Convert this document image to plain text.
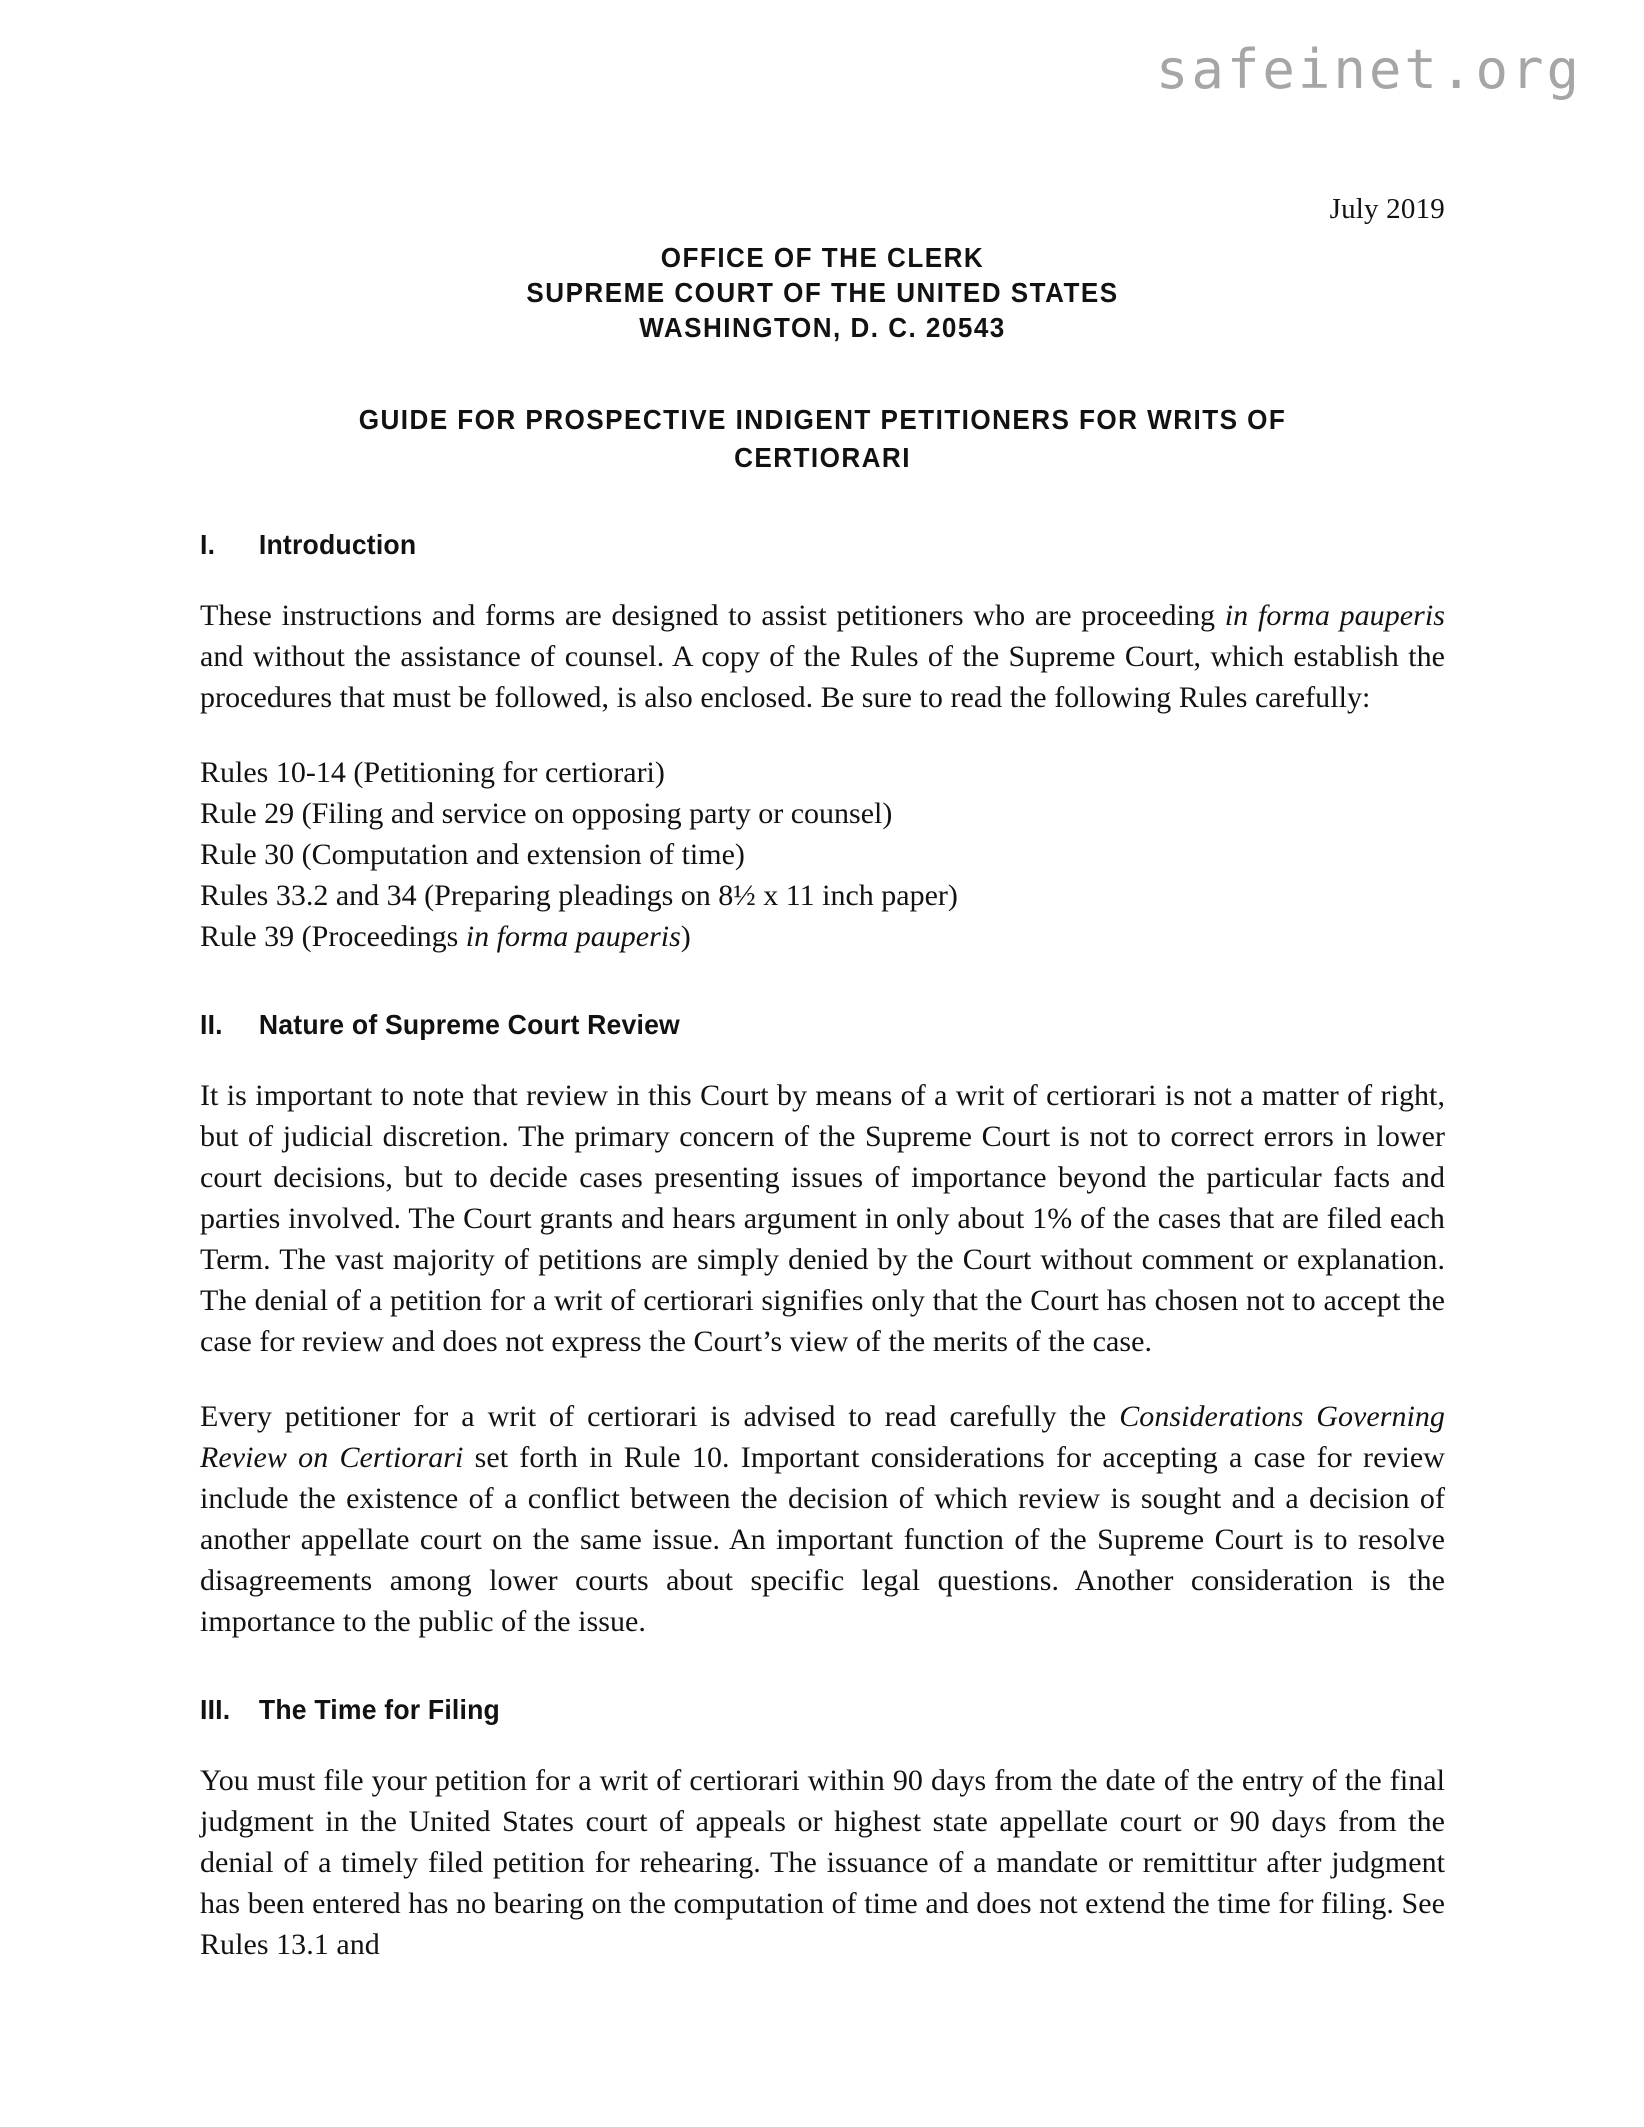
safeinet.org
July 2019
OFFICE OF THE CLERK
SUPREME COURT OF THE UNITED STATES
WASHINGTON, D. C. 20543
GUIDE FOR PROSPECTIVE INDIGENT PETITIONERS FOR WRITS OF
CERTIORARI
I.	Introduction

These instructions and forms are designed to assist petitioners who are proceeding in forma pauperis and without the assistance of counsel. A copy of the Rules of the Supreme Court, which establish the procedures that must be followed, is also enclosed. Be sure to read the following Rules carefully:

Rules 10-14 (Petitioning for certiorari)
Rule 29 (Filing and service on opposing party or counsel)
Rule 30 (Computation and extension of time)
Rules 33.2 and 34 (Preparing pleadings on 8½ x 11 inch paper)
Rule 39 (Proceedings in forma pauperis)
II.	Nature of Supreme Court Review

It is important to note that review in this Court by means of a writ of certiorari is not a matter of right, but of judicial discretion. The primary concern of the Supreme Court is not to correct errors in lower court decisions, but to decide cases presenting issues of importance beyond the particular facts and parties involved. The Court grants and hears argument in only about 1% of the cases that are filed each Term. The vast majority of petitions are simply denied by the Court without comment or explanation. The denial of a petition for a writ of certiorari signifies only that the Court has chosen not to accept the case for review and does not express the Court’s view of the merits of the case.

Every petitioner for a writ of certiorari is advised to read carefully the Considerations Governing Review on Certiorari set forth in Rule 10. Important considerations for accepting a case for review include the existence of a conflict between the decision of which review is sought and a decision of another appellate court on the same issue. An important function of the Supreme Court is to resolve disagreements among lower courts about specific legal questions. Another consideration is the importance to the public of the issue.

III.	The Time for Filing

You must file your petition for a writ of certiorari within 90 days from the date of the entry of the final judgment in the United States court of appeals or highest state appellate court or 90 days from the denial of a timely filed petition for rehearing. The issuance of a mandate or remittitur after judgment has been entered has no bearing on the computation of time and does not extend the time for filing. See Rules 13.1 and
